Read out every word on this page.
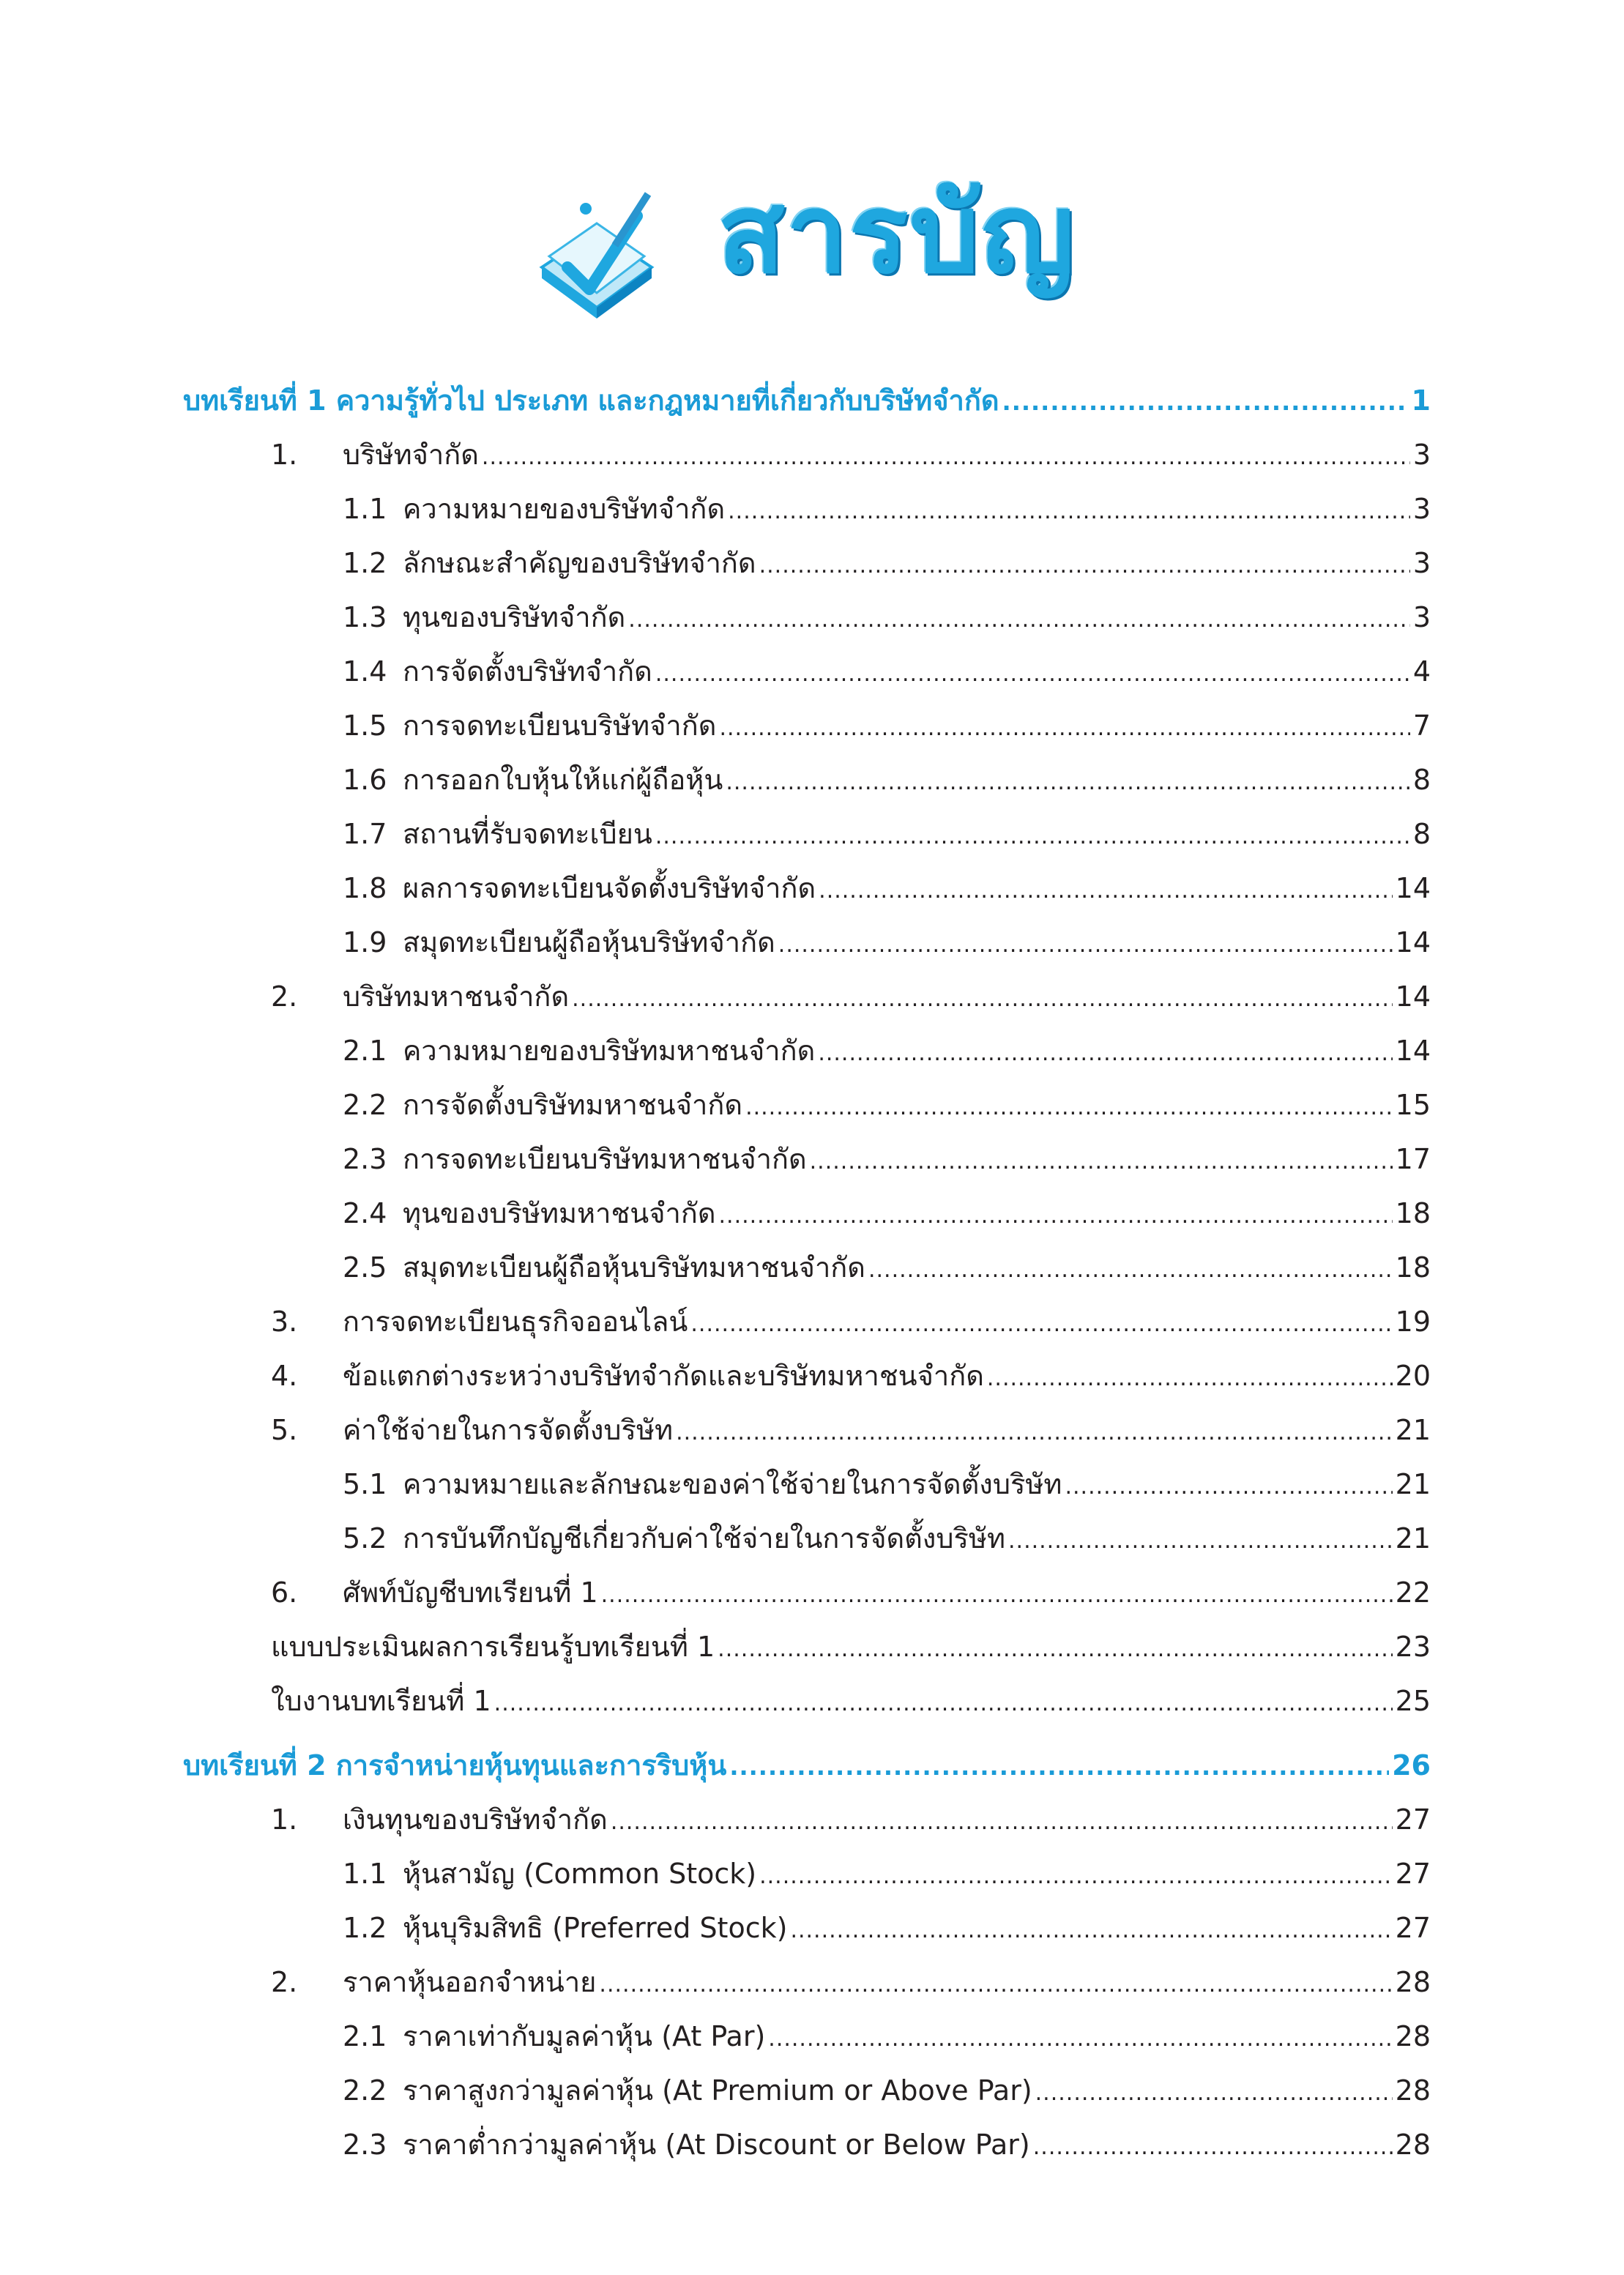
สารบัญ
บทเรียนที่ 1 ความรู้ทั่วไป ประเภท และกฎหมายที่เกี่ยวกับบริษัทจำกัด .....	1
1.	บริษัทจำกัด .....	3
1.1 ความหมายของบริษัทจำกัด .....	3
1.2 ลักษณะสำคัญของบริษัทจำกัด .....	3
1.3 ทุนของบริษัทจำกัด .....	3
1.4 การจัดตั้งบริษัทจำกัด .....	4
1.5 การจดทะเบียนบริษัทจำกัด .....	7
1.6 การออกใบหุ้นให้แก่ผู้ถือหุ้น .....	8
1.7 สถานที่รับจดทะเบียน .....	8
1.8 ผลการจดทะเบียนจัดตั้งบริษัทจำกัด .....	14
1.9 สมุดทะเบียนผู้ถือหุ้นบริษัทจำกัด .....	14
2.	บริษัทมหาชนจำกัด .....	14
2.1 ความหมายของบริษัทมหาชนจำกัด .....	14
2.2 การจัดตั้งบริษัทมหาชนจำกัด .....	15
2.3 การจดทะเบียนบริษัทมหาชนจำกัด .....	17
2.4 ทุนของบริษัทมหาชนจำกัด .....	18
2.5 สมุดทะเบียนผู้ถือหุ้นบริษัทมหาชนจำกัด .....	18
3.	การจดทะเบียนธุรกิจออนไลน์ .....	19
4.	ข้อแตกต่างระหว่างบริษัทจำกัดและบริษัทมหาชนจำกัด .....	20
5.	ค่าใช้จ่ายในการจัดตั้งบริษัท .....	21
5.1 ความหมายและลักษณะของค่าใช้จ่ายในการจัดตั้งบริษัท .....	21
5.2 การบันทึกบัญชีเกี่ยวกับค่าใช้จ่ายในการจัดตั้งบริษัท .....	21
6.	ศัพท์บัญชีบทเรียนที่ 1 .....	22
แบบประเมินผลการเรียนรู้บทเรียนที่ 1 .....	23
ใบงานบทเรียนที่ 1 .....	25
บทเรียนที่ 2 การจำหน่ายหุ้นทุนและการริบหุ้น .....	26
1.	เงินทุนของบริษัทจำกัด .....	27
1.1 หุ้นสามัญ (Common Stock) .....	27
1.2 หุ้นบุริมสิทธิ (Preferred Stock) .....	27
2.	ราคาหุ้นออกจำหน่าย .....	28
2.1 ราคาเท่ากับมูลค่าหุ้น (At Par) .....	28
2.2 ราคาสูงกว่ามูลค่าหุ้น (At Premium or Above Par) .....	28
2.3 ราคาต่ำกว่ามูลค่าหุ้น (At Discount or Below Par) .....	28
